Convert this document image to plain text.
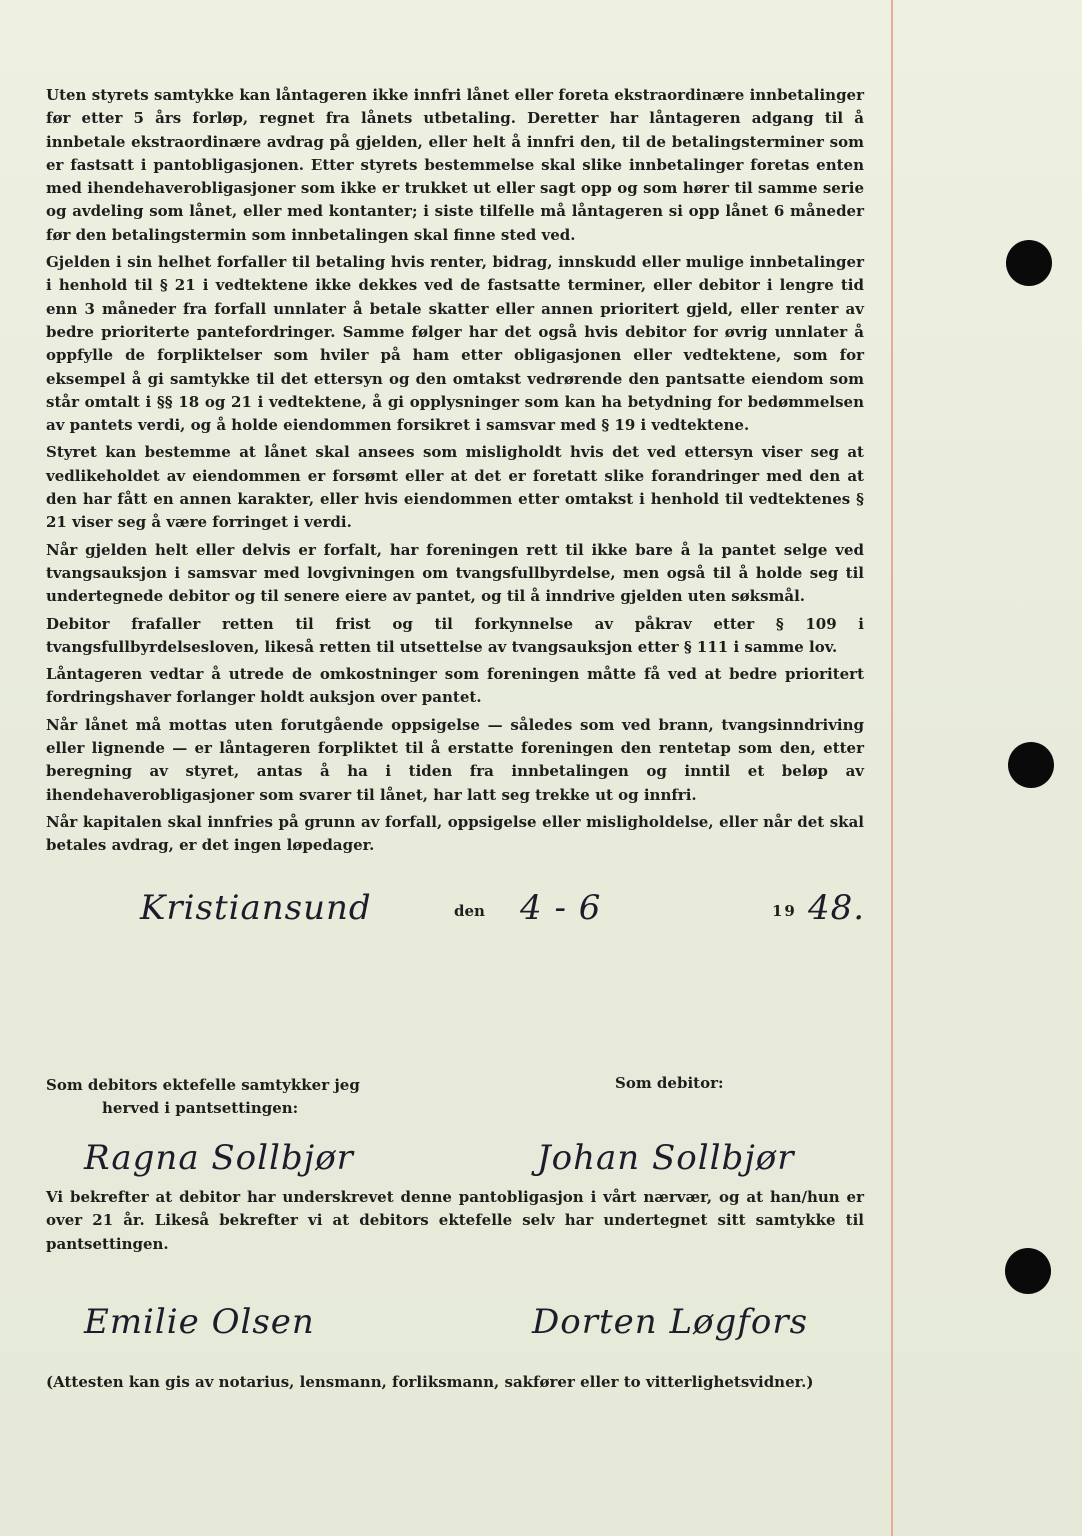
Uten styrets samtykke kan låntageren ikke innfri lånet eller foreta ekstraordinære innbetalinger før etter 5 års forløp, regnet fra lånets utbetaling. Deretter har låntageren adgang til å innbetale ekstraordinære avdrag på gjelden, eller helt å innfri den, til de betalingsterminer som er fastsatt i pantobligasjonen. Etter styrets bestemmelse skal slike innbetalinger foretas enten med ihendehaverobligasjoner som ikke er trukket ut eller sagt opp og som hører til samme serie og avdeling som lånet, eller med kontanter; i siste tilfelle må låntageren si opp lånet 6 måneder før den betalingstermin som innbetalingen skal finne sted ved.

Gjelden i sin helhet forfaller til betaling hvis renter, bidrag, innskudd eller mulige innbetalinger i henhold til § 21 i vedtektene ikke dekkes ved de fastsatte terminer, eller debitor i lengre tid enn 3 måneder fra forfall unnlater å betale skatter eller annen prioritert gjeld, eller renter av bedre prioriterte pantefordringer. Samme følger har det også hvis debitor for øvrig unnlater å oppfylle de forpliktelser som hviler på ham etter obligasjonen eller vedtektene, som for eksempel å gi samtykke til det ettersyn og den omtakst vedrørende den pantsatte eiendom som står omtalt i §§ 18 og 21 i vedtektene, å gi opplysninger som kan ha betydning for bedømmelsen av pantets verdi, og å holde eiendommen forsikret i samsvar med § 19 i vedtektene.

Styret kan bestemme at lånet skal ansees som misligholdt hvis det ved ettersyn viser seg at vedlikeholdet av eiendommen er forsømt eller at det er foretatt slike forandringer med den at den har fått en annen karakter, eller hvis eiendommen etter omtakst i henhold til vedtektenes § 21 viser seg å være forringet i verdi.

Når gjelden helt eller delvis er forfalt, har foreningen rett til ikke bare å la pantet selge ved tvangsauksjon i samsvar med lovgivningen om tvangsfullbyrdelse, men også til å holde seg til undertegnede debitor og til senere eiere av pantet, og til å inndrive gjelden uten søksmål.

Debitor frafaller retten til frist og til forkynnelse av påkrav etter § 109 i tvangsfullbyrdelsesloven, likeså retten til utsettelse av tvangsauksjon etter § 111 i samme lov.

Låntageren vedtar å utrede de omkostninger som foreningen måtte få ved at bedre prioritert fordringshaver forlanger holdt auksjon over pantet.

Når lånet må mottas uten forutgående oppsigelse — således som ved brann, tvangsinndriving eller lignende — er låntageren forpliktet til å erstatte foreningen den rentetap som den, etter beregning av styret, antas å ha i tiden fra innbetalingen og inntil et beløp av ihendehaverobligasjoner som svarer til lånet, har latt seg trekke ut og innfri.

Når kapitalen skal innfries på grunn av forfall, oppsigelse eller misligholdelse, eller når det skal betales avdrag, er det ingen løpedager.

Kristiansund	den 4 - 6	19 48.
Som debitors ektefelle samtykker jeg
herved i pantsettingen:
Som debitor:
Ragna Sollbjør	Johan Sollbjør
Vi bekrefter at debitor har underskrevet denne pantobligasjon i vårt nærvær, og at han/hun er over 21 år. Likeså bekrefter vi at debitors ektefelle selv har undertegnet sitt samtykke til pantsettingen.
Emilie Olsen	Dorten Løgfors
(Attesten kan gis av notarius, lensmann, forliksmann, sakfører eller to vitterlighetsvidner.)
